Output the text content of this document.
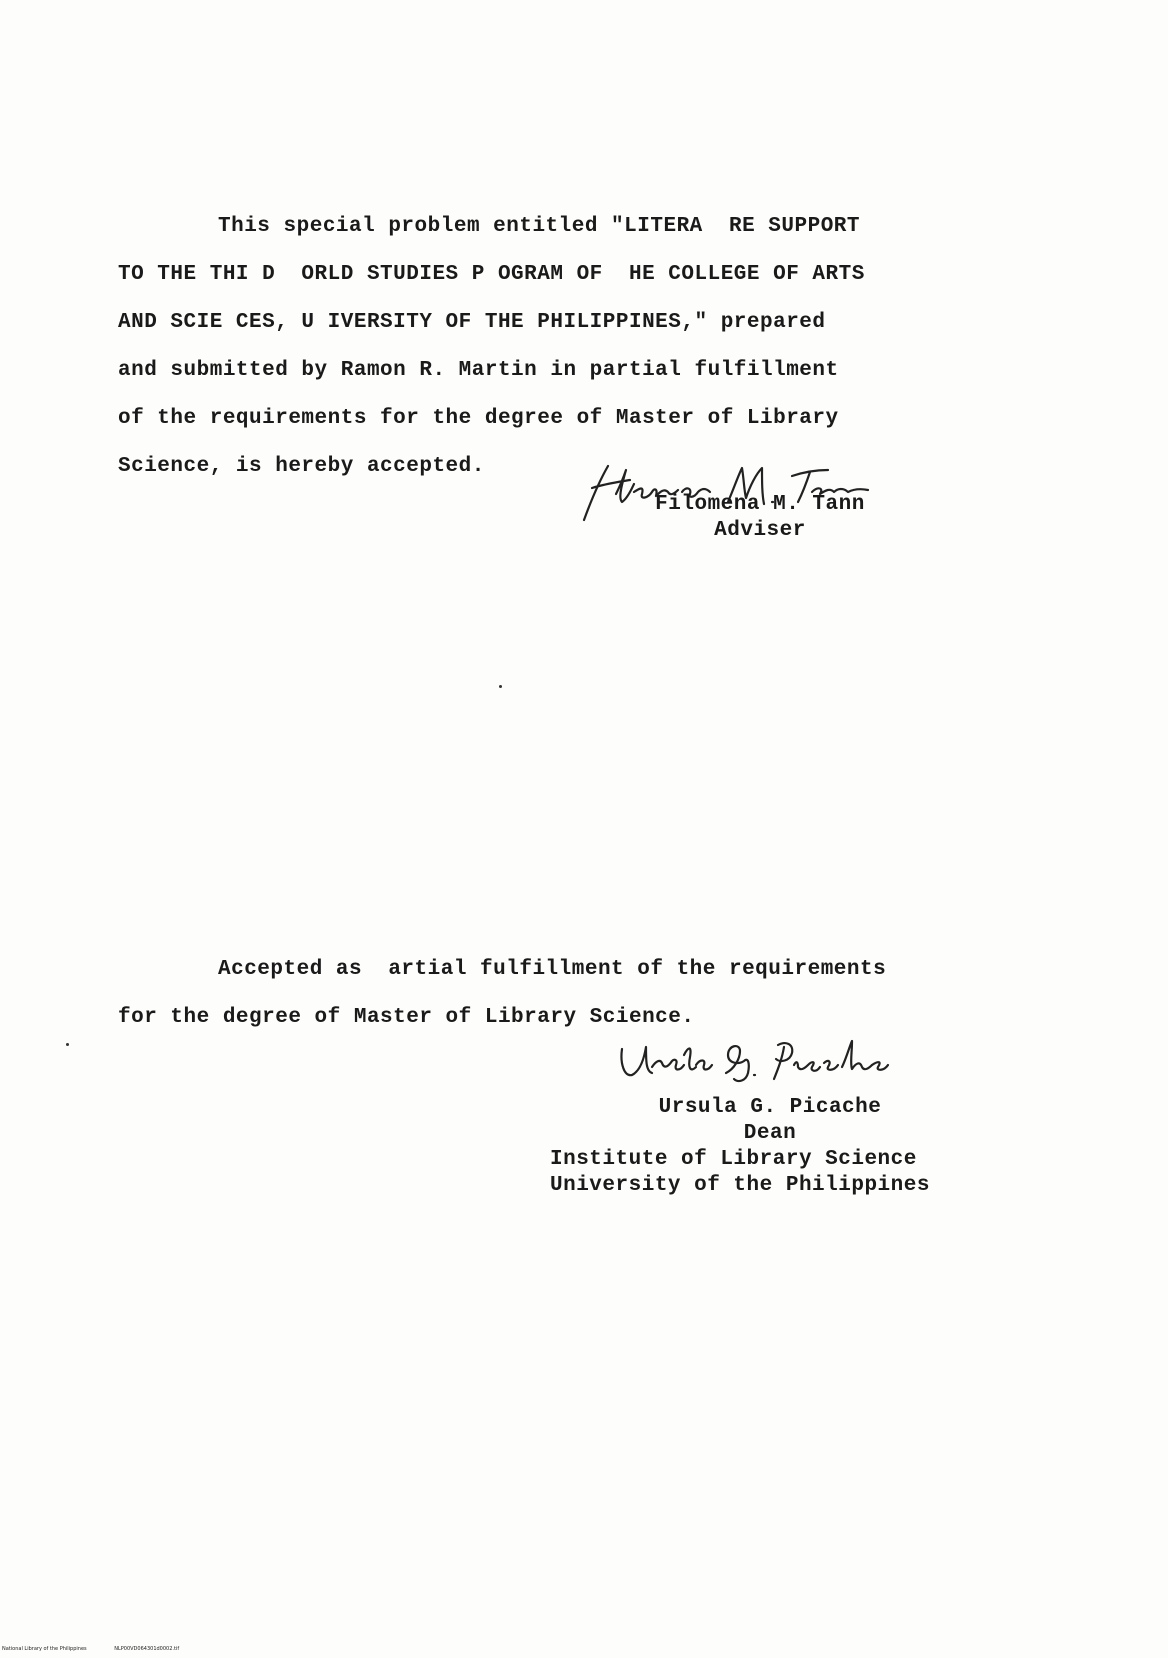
This special problem entitled "LITERA  RE SUPPORT
TO THE THI D  ORLD STUDIES P OGRAM OF  HE COLLEGE OF ARTS
AND SCIE CES, U IVERSITY OF THE PHILIPPINES," prepared
and submitted by Ramon R. Martin in partial fulfillment
of the requirements for the degree of Master of Library
Science, is hereby accepted.

Filomena M. Tann
Adviser

Accepted as  artial fulfillment of the requirements
for the degree of Master of Library Science.

Ursula G. Picache
Dean
Institute of Library Science
University of the Philippines
National Library of the Philippines	NLP00VD064301d0002.tif
